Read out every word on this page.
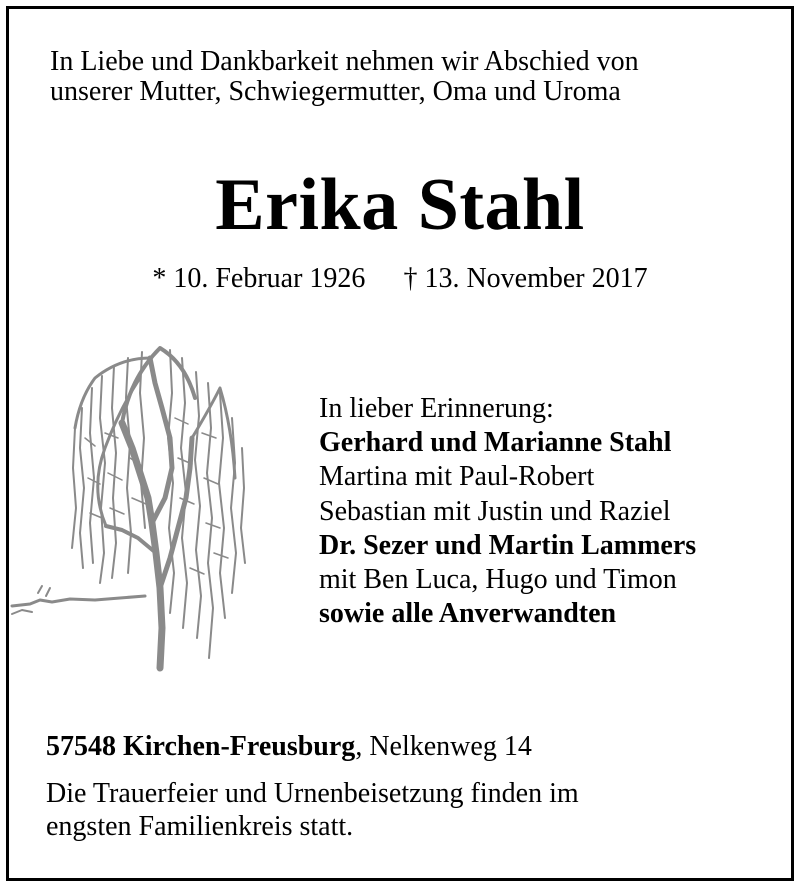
In Liebe und Dankbarkeit nehmen wir Abschied von
unserer Mutter, Schwiegermutter, Oma und Uroma
Erika Stahl
* 10. Februar 1926 † 13. November 2017
In lieber Erinnerung:
Gerhard und Marianne Stahl
Martina mit Paul-Robert
Sebastian mit Justin und Raziel
Dr. Sezer und Martin Lammers
mit Ben Luca, Hugo und Timon
sowie alle Anverwandten
57548 Kirchen-Freusburg, Nelkenweg 14
Die Trauerfeier und Urnenbeisetzung finden im
engsten Familienkreis statt.
